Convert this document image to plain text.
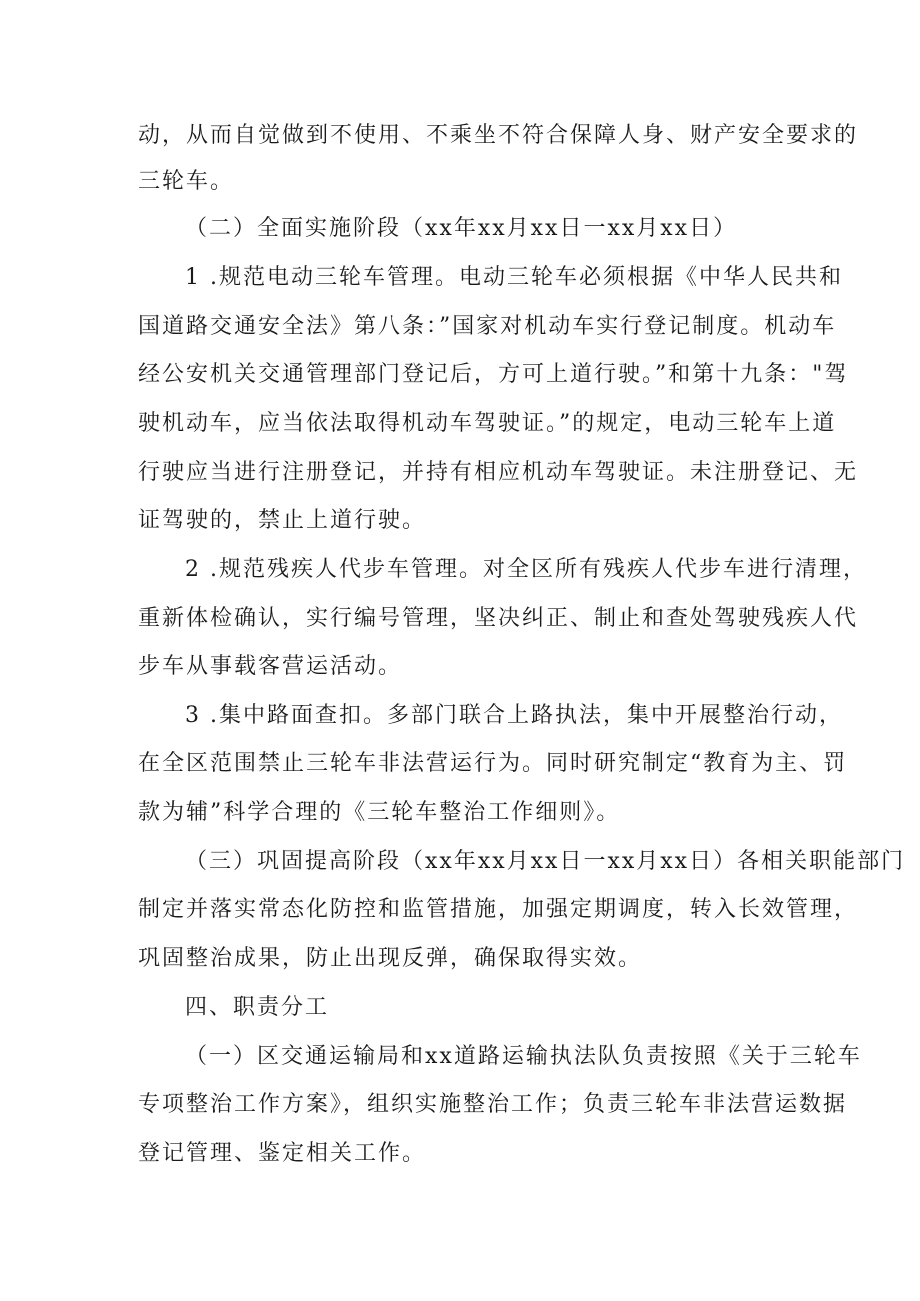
动，从而自觉做到不使用、不乘坐不符合保障人身、财产安全要求的
三轮车。
（二）全面实施阶段（xx年xx月xx日一xx月xx日）
1 .规范电动三轮车管理。电动三轮车必须根据《中华人民共和
国道路交通安全法》第八条：”国家对机动车实行登记制度。机动车
经公安机关交通管理部门登记后，方可上道行驶。”和第十九条："驾
驶机动车，应当依法取得机动车驾驶证。”的规定，电动三轮车上道
行驶应当进行注册登记，并持有相应机动车驾驶证。未注册登记、无
证驾驶的，禁止上道行驶。
2 .规范残疾人代步车管理。对全区所有残疾人代步车进行清理，
重新体检确认，实行编号管理，坚决纠正、制止和查处驾驶残疾人代
步车从事载客营运活动。
3 .集中路面查扣。多部门联合上路执法，集中开展整治行动，
在全区范围禁止三轮车非法营运行为。同时研究制定“教育为主、罚
款为辅”科学合理的《三轮车整治工作细则》。
（三）巩固提高阶段（xx年xx月xx日一xx月xx日）各相关职能部门
制定并落实常态化防控和监管措施，加强定期调度，转入长效管理，
巩固整治成果，防止出现反弹，确保取得实效。
四、职责分工
（一）区交通运输局和xx道路运输执法队负责按照《关于三轮车
专项整治工作方案》，组织实施整治工作；负责三轮车非法营运数据
登记管理、鉴定相关工作。
